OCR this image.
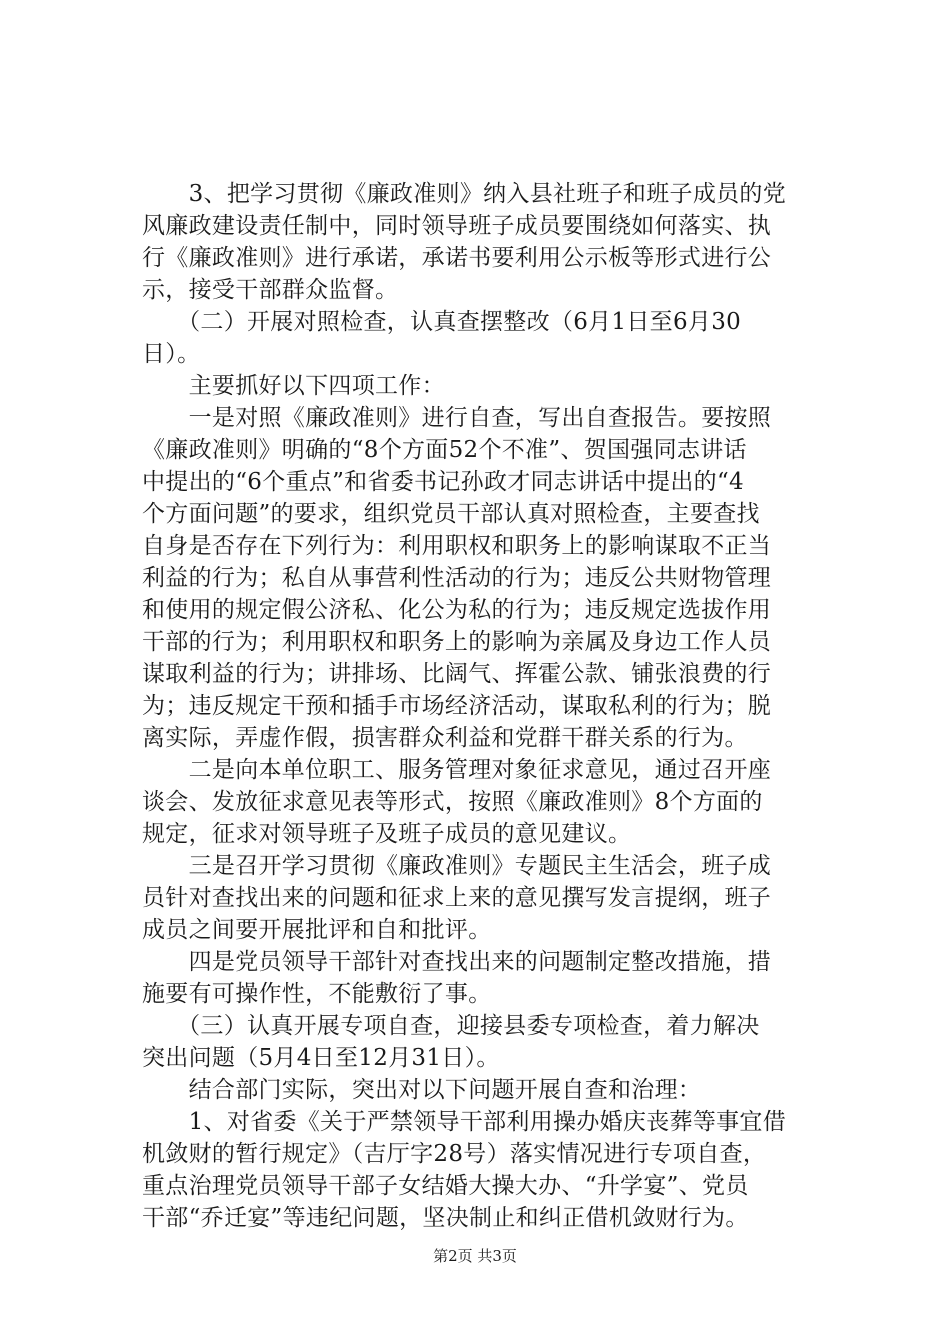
　　3、把学习贯彻《廉政准则》纳入县社班子和班子成员的党
风廉政建设责任制中，同时领导班子成员要围绕如何落实、执
行《廉政准则》进行承诺，承诺书要利用公示板等形式进行公
示，接受干部群众监督。
　　（二）开展对照检查，认真查摆整改（6月1日至6月30
日）。
　　主要抓好以下四项工作：
　　一是对照《廉政准则》进行自查，写出自查报告。要按照
《廉政准则》明确的“8个方面52个不准”、贺国强同志讲话
中提出的“6个重点”和省委书记孙政才同志讲话中提出的“4
个方面问题”的要求，组织党员干部认真对照检查，主要查找
自身是否存在下列行为：利用职权和职务上的影响谋取不正当
利益的行为；私自从事营利性活动的行为；违反公共财物管理
和使用的规定假公济私、化公为私的行为；违反规定选拔作用
干部的行为；利用职权和职务上的影响为亲属及身边工作人员
谋取利益的行为；讲排场、比阔气、挥霍公款、铺张浪费的行
为；违反规定干预和插手市场经济活动，谋取私利的行为；脱
离实际，弄虚作假，损害群众利益和党群干群关系的行为。
　　二是向本单位职工、服务管理对象征求意见，通过召开座
谈会、发放征求意见表等形式，按照《廉政准则》8个方面的
规定，征求对领导班子及班子成员的意见建议。
　　三是召开学习贯彻《廉政准则》专题民主生活会，班子成
员针对查找出来的问题和征求上来的意见撰写发言提纲，班子
成员之间要开展批评和自和批评。
　　四是党员领导干部针对查找出来的问题制定整改措施，措
施要有可操作性，不能敷衍了事。
　　（三）认真开展专项自查，迎接县委专项检查，着力解决
突出问题（5月4日至12月31日）。
　　结合部门实际，突出对以下问题开展自查和治理：
　　1、对省委《关于严禁领导干部利用操办婚庆丧葬等事宜借
机敛财的暂行规定》（吉厅字28号）落实情况进行专项自查，
重点治理党员领导干部子女结婚大操大办、“升学宴”、党员
干部“乔迁宴”等违纪问题，坚决制止和纠正借机敛财行为。
第2页 共3页
